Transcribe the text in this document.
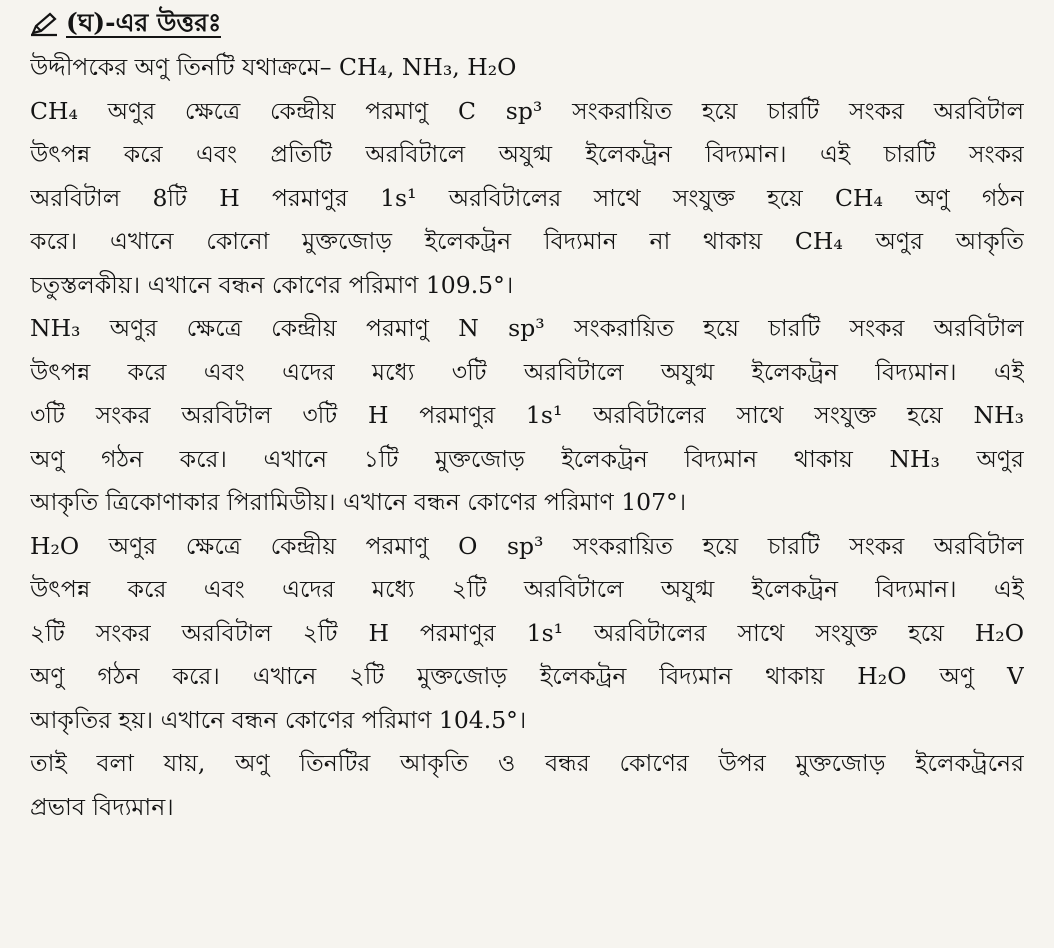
(ঘ)-এর উত্তরঃ
উদ্দীপকের অণু তিনটি যথাক্রমে– CH₄, NH₃, H₂O
CH₄ অণুর ক্ষেত্রে কেন্দ্রীয় পরমাণু C sp³ সংকরায়িত হয়ে চারটি সংকর অরবিটাল
উৎপন্ন করে এবং প্রতিটি অরবিটালে অযুগ্ম ইলেকট্রন বিদ্যমান। এই চারটি সংকর
অরবিটাল 8টি H পরমাণুর 1s¹ অরবিটালের সাথে সংযুক্ত হয়ে CH₄ অণু গঠন
করে। এখানে কোনো মুক্তজোড় ইলেকট্রন বিদ্যমান না থাকায় CH₄ অণুর আকৃতি
চতুস্তলকীয়। এখানে বন্ধন কোণের পরিমাণ 109.5°।
NH₃ অণুর ক্ষেত্রে কেন্দ্রীয় পরমাণু N sp³ সংকরায়িত হয়ে চারটি সংকর অরবিটাল
উৎপন্ন করে এবং এদের মধ্যে ৩টি অরবিটালে অযুগ্ম ইলেকট্রন বিদ্যমান। এই
৩টি সংকর অরবিটাল ৩টি H পরমাণুর 1s¹ অরবিটালের সাথে সংযুক্ত হয়ে NH₃
অণু গঠন করে। এখানে ১টি মুক্তজোড় ইলেকট্রন বিদ্যমান থাকায় NH₃ অণুর
আকৃতি ত্রিকোণাকার পিরামিডীয়। এখানে বন্ধন কোণের পরিমাণ 107°।
H₂O অণুর ক্ষেত্রে কেন্দ্রীয় পরমাণু O sp³ সংকরায়িত হয়ে চারটি সংকর অরবিটাল
উৎপন্ন করে এবং এদের মধ্যে ২টি অরবিটালে অযুগ্ম ইলেকট্রন বিদ্যমান। এই
২টি সংকর অরবিটাল ২টি H পরমাণুর 1s¹ অরবিটালের সাথে সংযুক্ত হয়ে H₂O
অণু গঠন করে। এখানে ২টি মুক্তজোড় ইলেকট্রন বিদ্যমান থাকায় H₂O অণু V
আকৃতির হয়। এখানে বন্ধন কোণের পরিমাণ 104.5°।
তাই বলা যায়, অণু তিনটির আকৃতি ও বন্ধর কোণের উপর মুক্তজোড় ইলেকট্রনের
প্রভাব বিদ্যমান।
